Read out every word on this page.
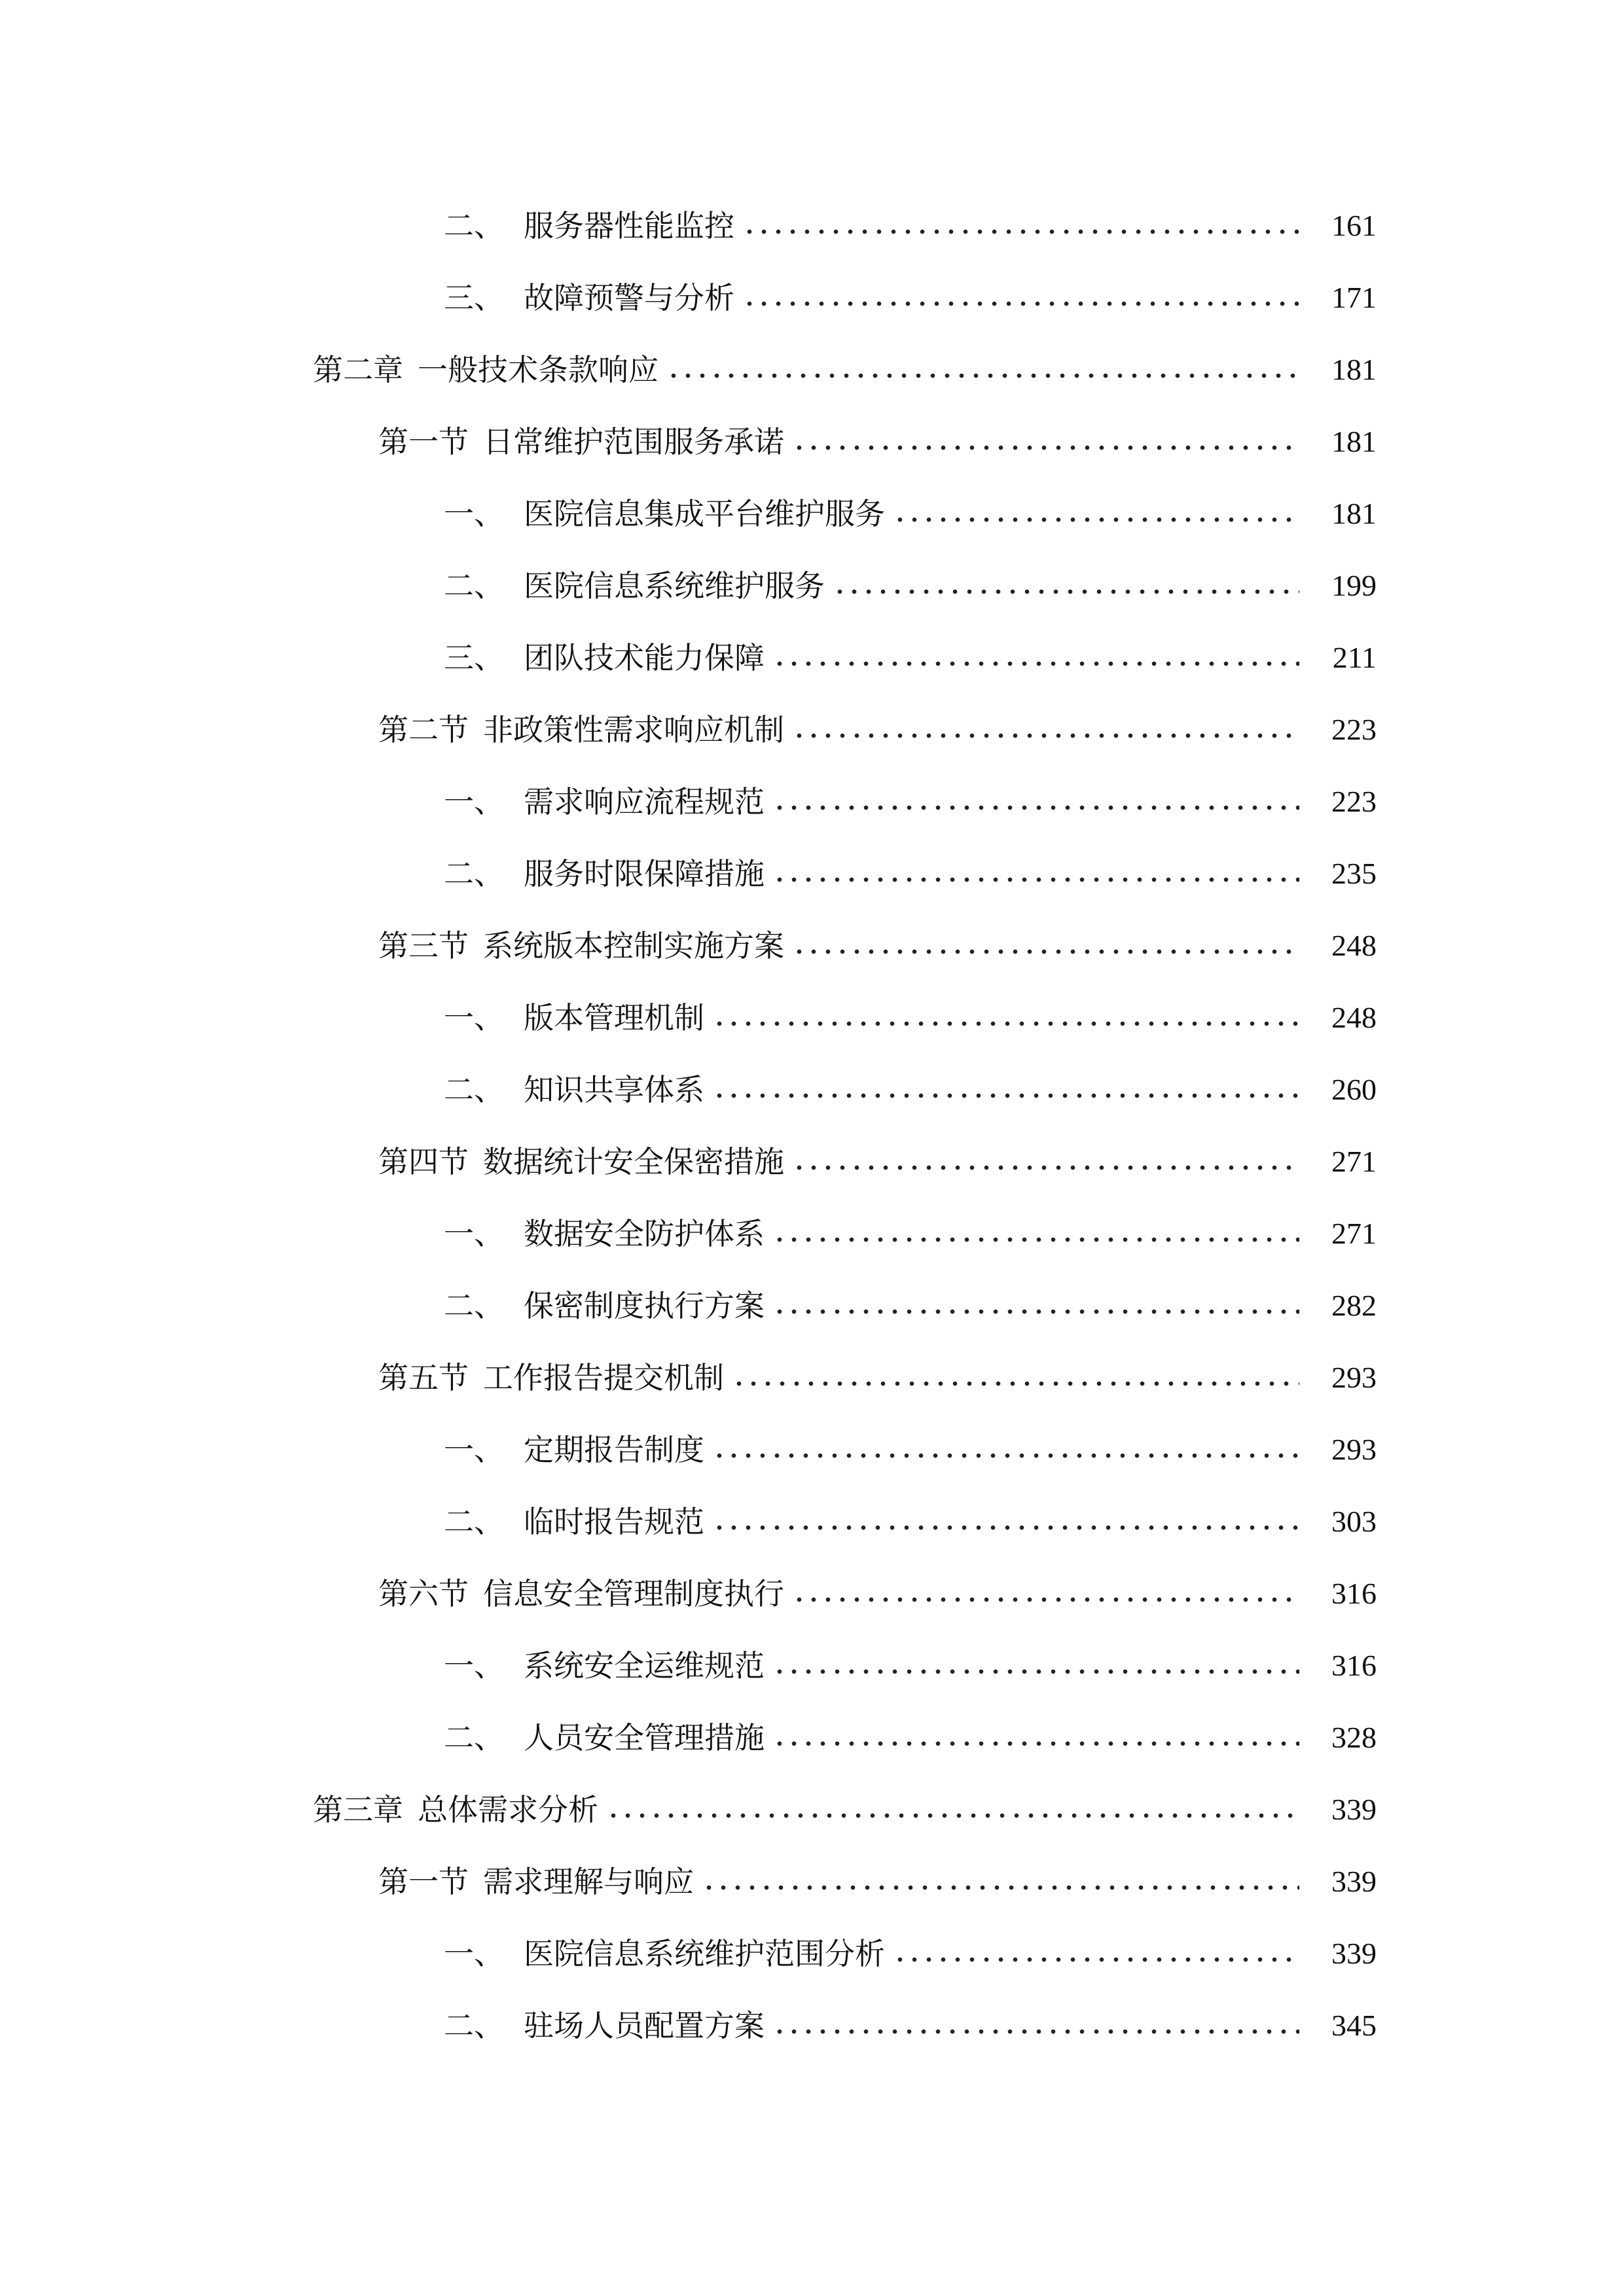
二、 服务器性能监控	161
三、 故障预警与分析	171
第二章 一般技术条款响应	181
第一节 日常维护范围服务承诺	181
一、 医院信息集成平台维护服务	181
二、 医院信息系统维护服务	199
三、 团队技术能力保障	211
第二节 非政策性需求响应机制	223
一、 需求响应流程规范	223
二、 服务时限保障措施	235
第三节 系统版本控制实施方案	248
一、 版本管理机制	248
二、 知识共享体系	260
第四节 数据统计安全保密措施	271
一、 数据安全防护体系	271
二、 保密制度执行方案	282
第五节 工作报告提交机制	293
一、 定期报告制度	293
二、 临时报告规范	303
第六节 信息安全管理制度执行	316
一、 系统安全运维规范	316
二、 人员安全管理措施	328
第三章 总体需求分析	339
第一节 需求理解与响应	339
一、 医院信息系统维护范围分析	339
二、 驻场人员配置方案	345
